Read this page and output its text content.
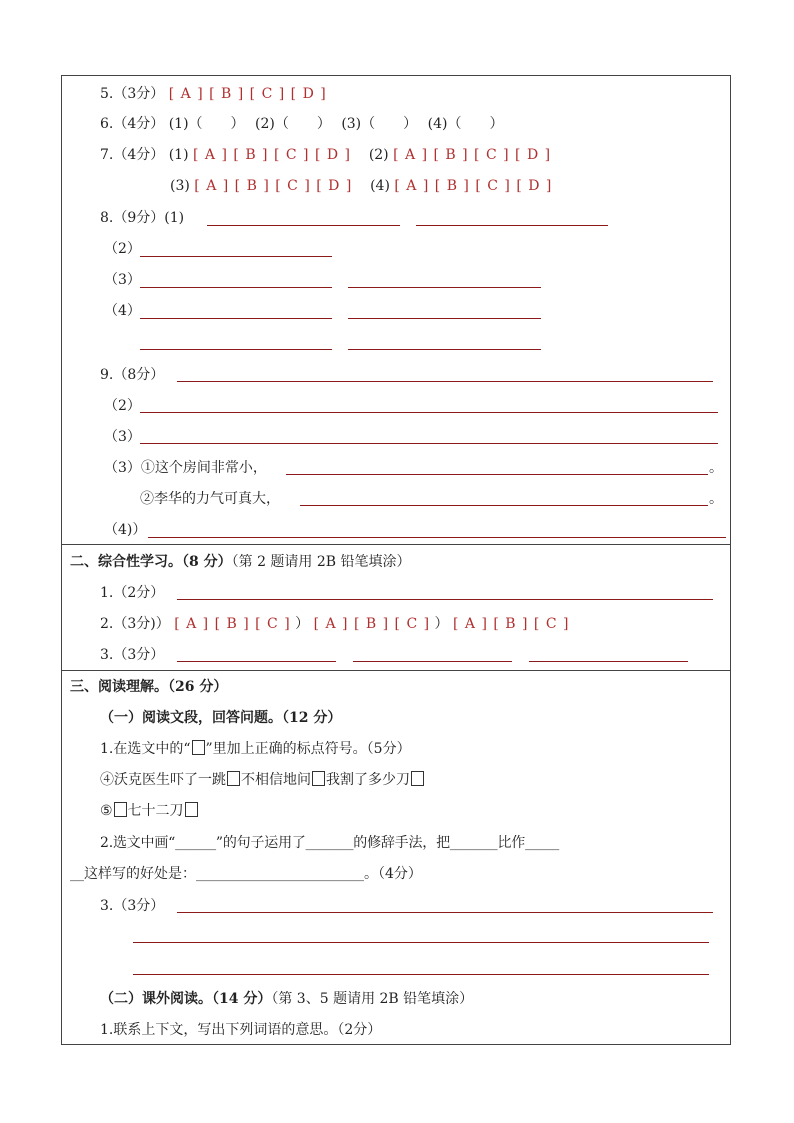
5.（3分） [ A ] [ B ] [ C ] [ D ]
6.（4分） (1)（　　） (2)（　　） (3)（　　） (4)（　　）
7.（4分） (1) [ A ] [ B ] [ C ] [ D ] (2) [ A ] [ B ] [ C ] [ D ]
(3) [ A ] [ B ] [ C ] [ D ] (4) [ A ] [ B ] [ C ] [ D ]
8.（9分）(1)
（2）
（3）
（4）
9.（8分）
（2）
（3）
（3）①这个房间非常小，	。
②李华的力气可真大，	。
（4)）
二、综合性学习。（8 分）（第 2 题请用 2B 铅笔填涂）
1.（2分）
2.（3分)） [ A ] [ B ] [ C ] ） [ A ] [ B ] [ C ] ） [ A ] [ B ] [ C ]
3.（3分）
三、阅读理解。（26 分）
（一）阅读文段，回答问题。（12 分）
1.在选文中的“ ”里加上正确的标点符号。（5分）
④沃克医生吓了一跳 不相信地问 我割了多少刀
⑤ 七十二刀
2.选文中画“______”的句子运用了_______的修辞手法，把_______比作_____
__这样写的好处是：________________________。（4分）
3.（3分）
（二）课外阅读。（14 分）（第 3、5 题请用 2B 铅笔填涂）
1.联系上下文，写出下列词语的意思。（2分）
